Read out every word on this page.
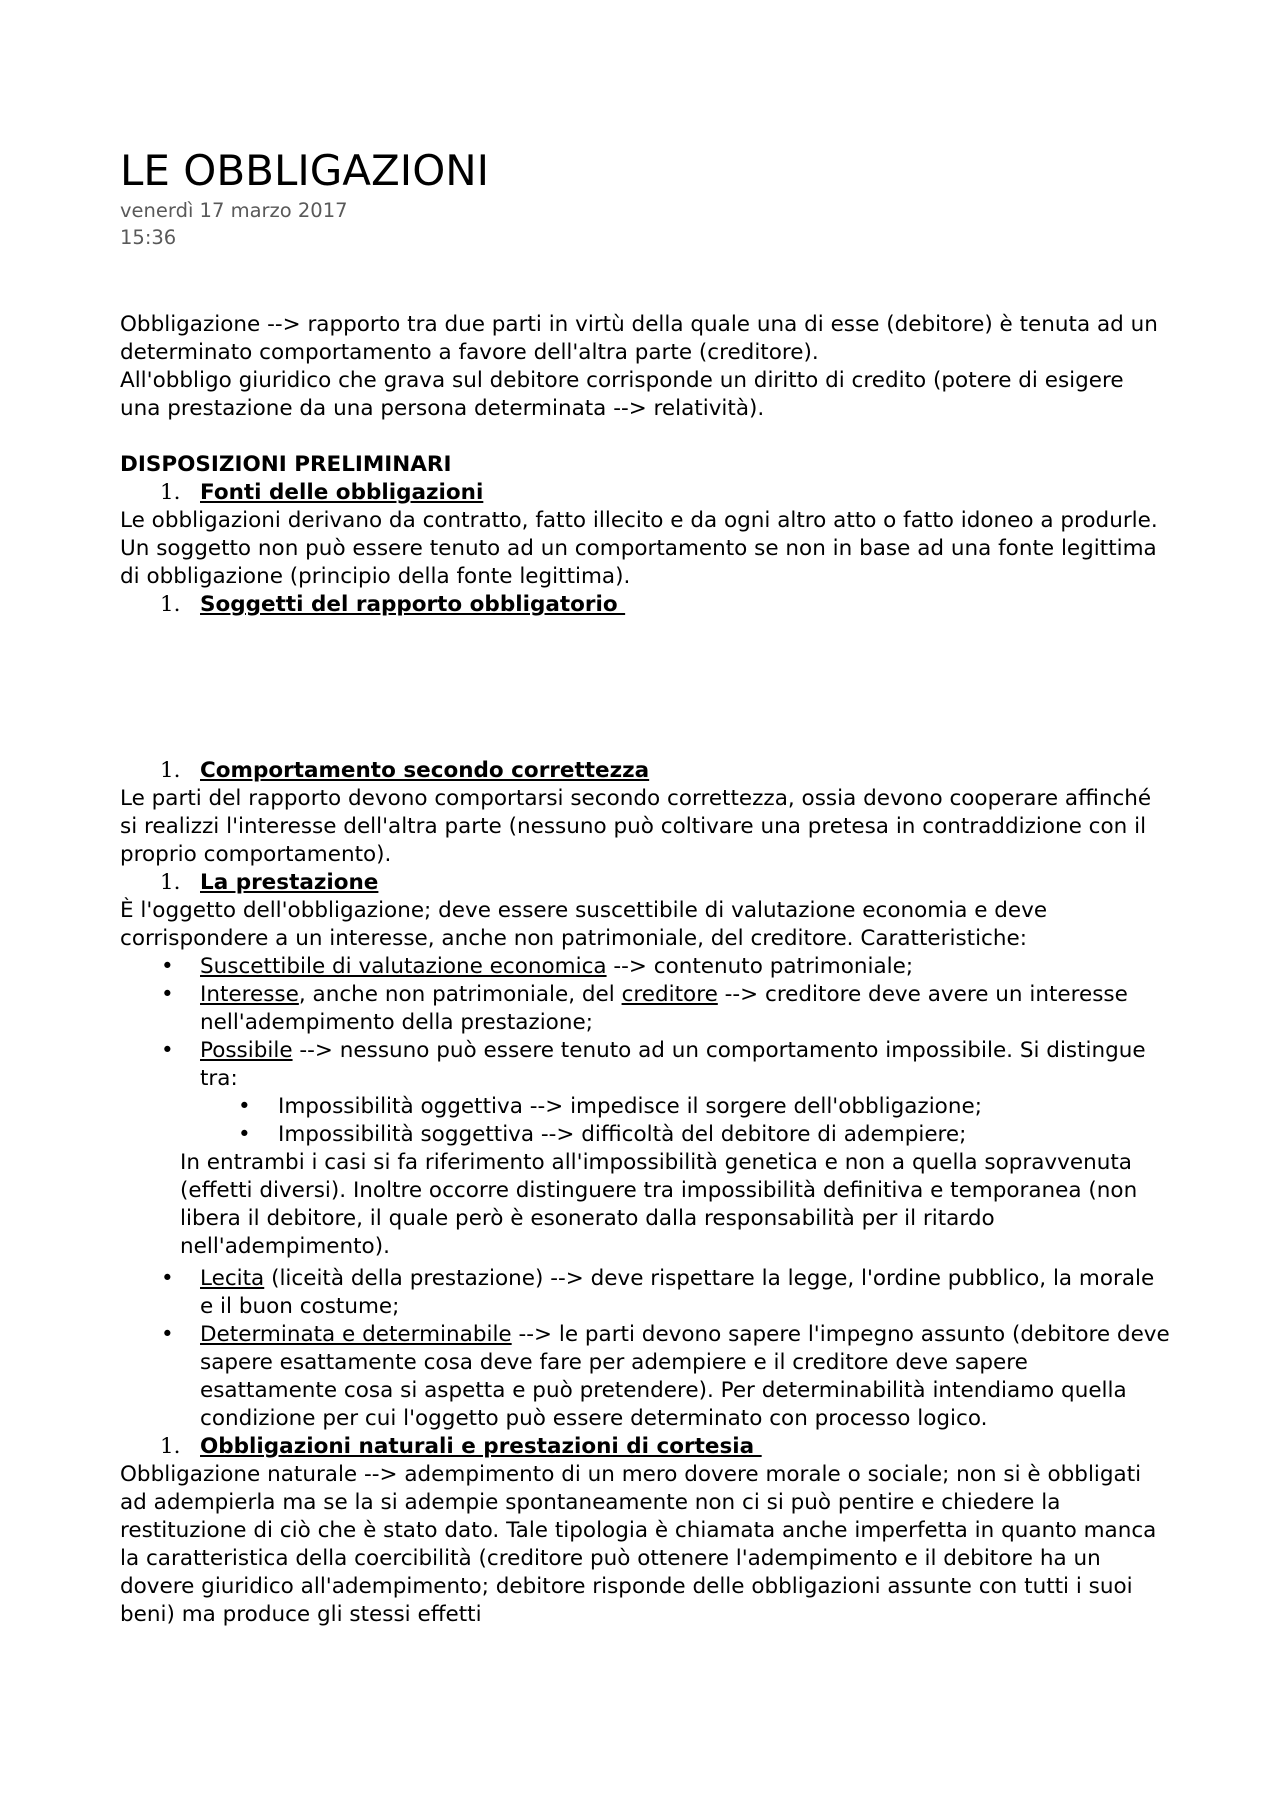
LE OBBLIGAZIONI
venerdì 17 marzo 2017
15:36

Obbligazione --> rapporto tra due parti in virtù della quale una di esse (debitore) è tenuta ad un determinato comportamento a favore dell'altra parte (creditore).

All'obbligo giuridico che grava sul debitore corrisponde un diritto di credito (potere di esigere una prestazione da una persona determinata --> relatività).

DISPOSIZIONI PRELIMINARI
1. Fonti delle obbligazioni

Le obbligazioni derivano da contratto, fatto illecito e da ogni altro atto o fatto idoneo a produrle. Un soggetto non può essere tenuto ad un comportamento se non in base ad una fonte legittima di obbligazione (principio della fonte legittima).

1. Soggetti del rapporto obbligatorio
1. Comportamento secondo correttezza

Le parti del rapporto devono comportarsi secondo correttezza, ossia devono cooperare affinché si realizzi l'interesse dell'altra parte (nessuno può coltivare una pretesa in contraddizione con il proprio comportamento).

1. La prestazione

È l'oggetto dell'obbligazione; deve essere suscettibile di valutazione economia e deve corrispondere a un interesse, anche non patrimoniale, del creditore. Caratteristiche:

• Suscettibile di valutazione economica --> contenuto patrimoniale;
• Interesse, anche non patrimoniale, del creditore --> creditore deve avere un interesse nell'adempimento della prestazione;
• Possibile --> nessuno può essere tenuto ad un comportamento impossibile. Si distingue tra:
• Impossibilità oggettiva --> impedisce il sorgere dell'obbligazione;
• Impossibilità soggettiva --> difficoltà del debitore di adempiere;

In entrambi i casi si fa riferimento all'impossibilità genetica e non a quella sopravvenuta (effetti diversi). Inoltre occorre distinguere tra impossibilità definitiva e temporanea (non libera il debitore, il quale però è esonerato dalla responsabilità per il ritardo nell'adempimento).

• Lecita (liceità della prestazione) --> deve rispettare la legge, l'ordine pubblico, la morale e il buon costume;
• Determinata e determinabile --> le parti devono sapere l'impegno assunto (debitore deve sapere esattamente cosa deve fare per adempiere e il creditore deve sapere esattamente cosa si aspetta e può pretendere). Per determinabilità intendiamo quella condizione per cui l'oggetto può essere determinato con processo logico.
1. Obbligazioni naturali e prestazioni di cortesia

Obbligazione naturale --> adempimento di un mero dovere morale o sociale; non si è obbligati ad adempierla ma se la si adempie spontaneamente non ci si può pentire e chiedere la restituzione di ciò che è stato dato. Tale tipologia è chiamata anche imperfetta in quanto manca la caratteristica della coercibilità (creditore può ottenere l'adempimento e il debitore ha un dovere giuridico all'adempimento; debitore risponde delle obbligazioni assunte con tutti i suoi beni) ma produce gli stessi effetti
